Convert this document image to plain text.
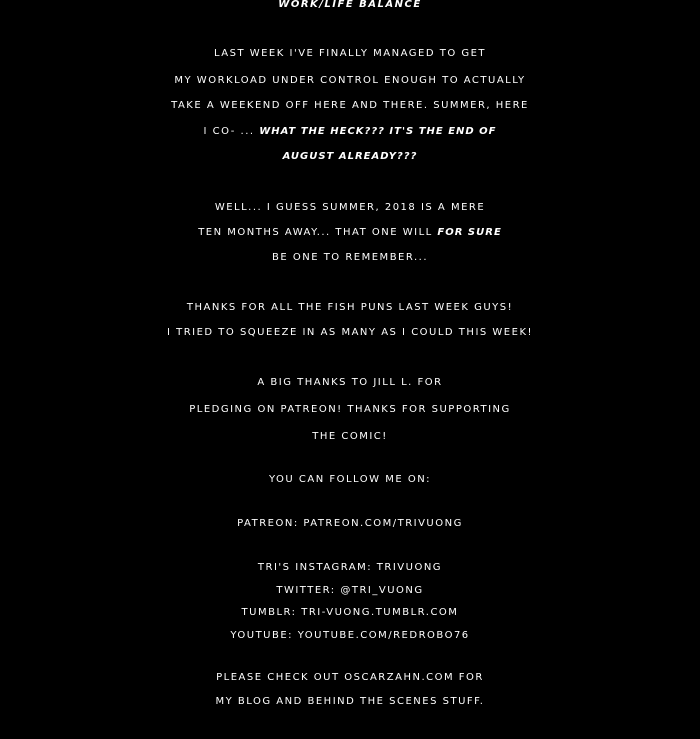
WORK/LIFE BALANCE
LAST WEEK I'VE FINALLY MANAGED TO GET
MY WORKLOAD UNDER CONTROL ENOUGH TO ACTUALLY
TAKE A WEEKEND OFF HERE AND THERE. SUMMER, HERE
I CO- ... WHAT THE HECK??? IT'S THE END OF
AUGUST ALREADY???
WELL... I GUESS SUMMER, 2018 IS A MERE
TEN MONTHS AWAY... THAT ONE WILL FOR SURE
BE ONE TO REMEMBER...
THANKS FOR ALL THE FISH PUNS LAST WEEK GUYS!
I TRIED TO SQUEEZE IN AS MANY AS I COULD THIS WEEK!
A BIG THANKS TO JILL L. FOR
PLEDGING ON PATREON! THANKS FOR SUPPORTING
THE COMIC!
YOU CAN FOLLOW ME ON:
PATREON: PATREON.COM/TRIVUONG
TRI'S INSTAGRAM: TRIVUONG
TWITTER: @TRI_VUONG
TUMBLR: TRI-VUONG.TUMBLR.COM
YOUTUBE: YOUTUBE.COM/REDROBO76
PLEASE CHECK OUT OSCARZAHN.COM FOR
MY BLOG AND BEHIND THE SCENES STUFF.
